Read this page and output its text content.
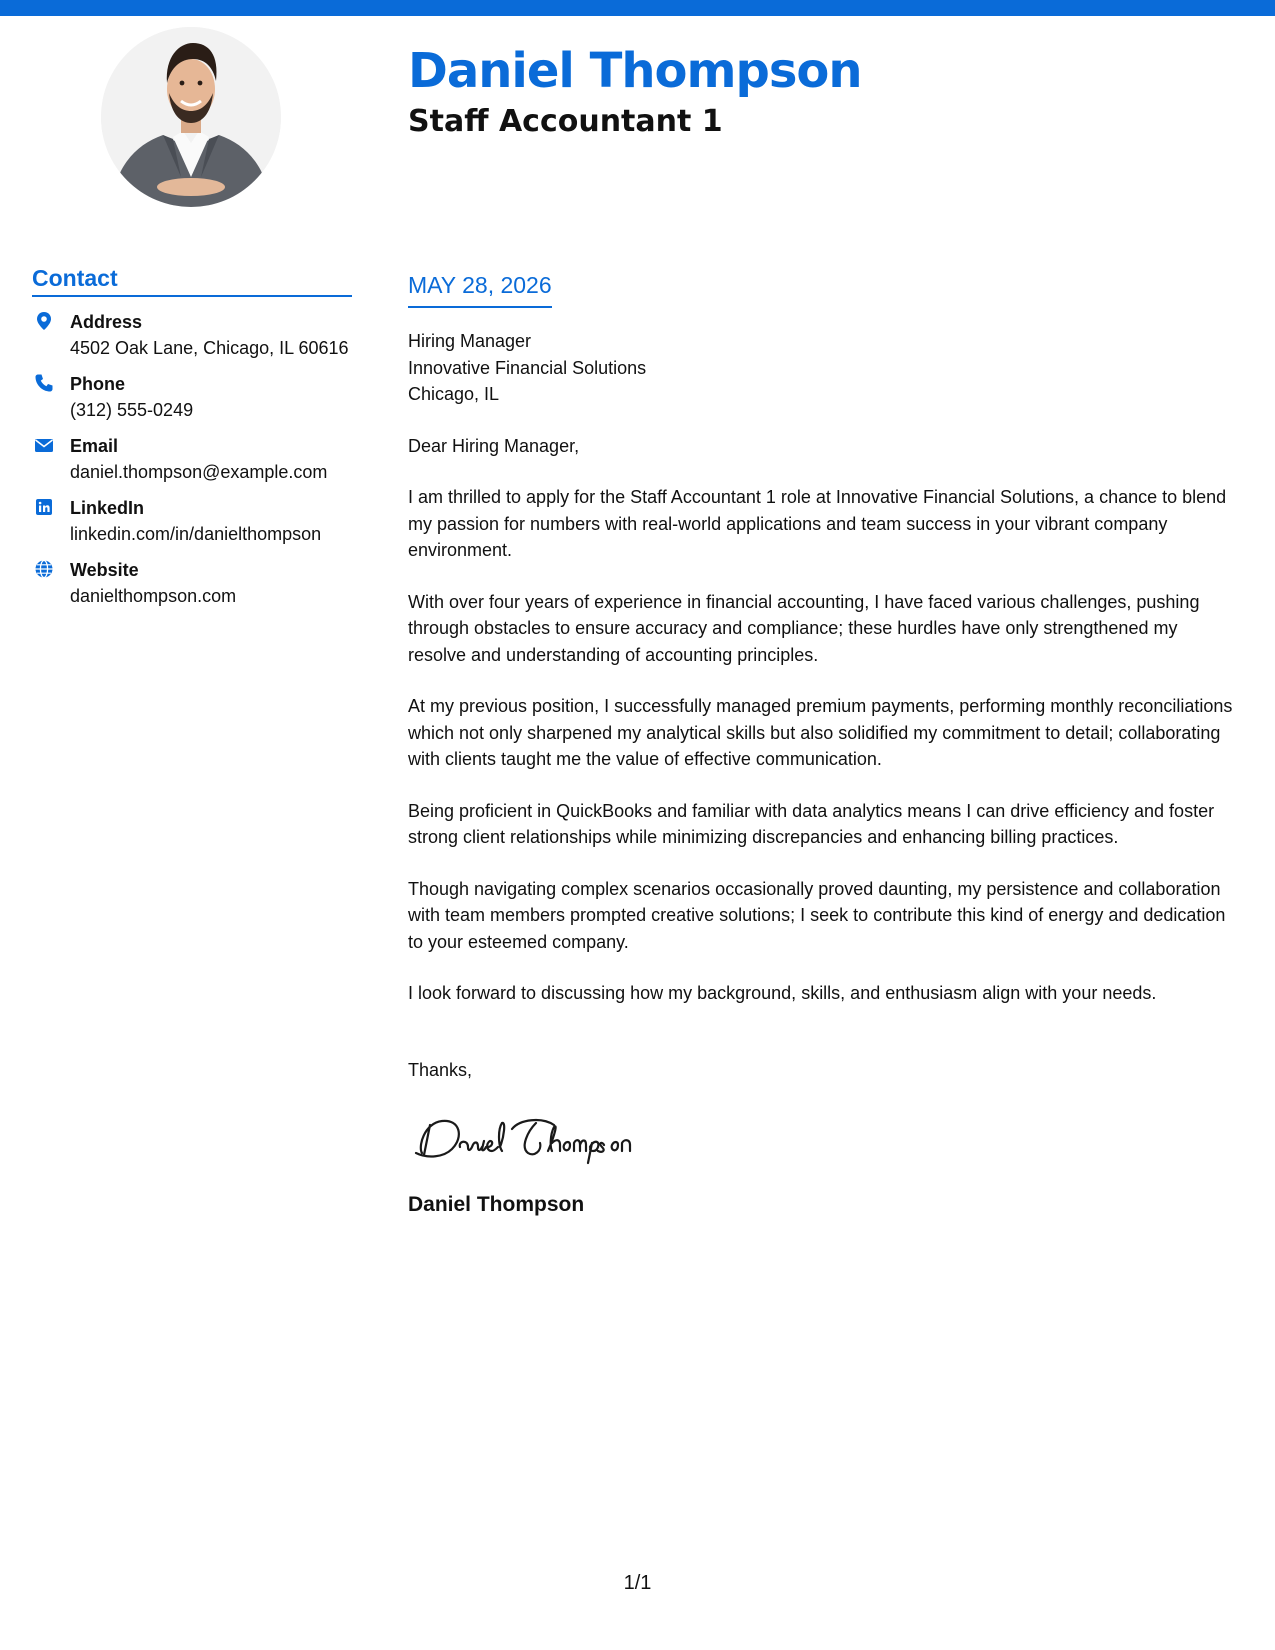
Daniel Thompson
Staff Accountant 1
Contact
Address
4502 Oak Lane, Chicago, IL 60616
Phone
(312) 555-0249
Email
daniel.thompson@example.com
LinkedIn
linkedin.com/in/danielthompson
Website
danielthompson.com

MAY 28, 2026

Hiring Manager
Innovative Financial Solutions
Chicago, IL

Dear Hiring Manager,

I am thrilled to apply for the Staff Accountant 1 role at Innovative Financial Solutions, a chance to blend my passion for numbers with real-world applications and team success in your vibrant company environment.

With over four years of experience in financial accounting, I have faced various challenges, pushing through obstacles to ensure accuracy and compliance; these hurdles have only strengthened my resolve and understanding of accounting principles.

At my previous position, I successfully managed premium payments, performing monthly reconciliations which not only sharpened my analytical skills but also solidified my commitment to detail; collaborating with clients taught me the value of effective communication.

Being proficient in QuickBooks and familiar with data analytics means I can drive efficiency and foster strong client relationships while minimizing discrepancies and enhancing billing practices.

Though navigating complex scenarios occasionally proved daunting, my persistence and collaboration with team members prompted creative solutions; I seek to contribute this kind of energy and dedication to your esteemed company.

I look forward to discussing how my background, skills, and enthusiasm align with your needs.

Thanks,

Daniel Thompson

1/1
